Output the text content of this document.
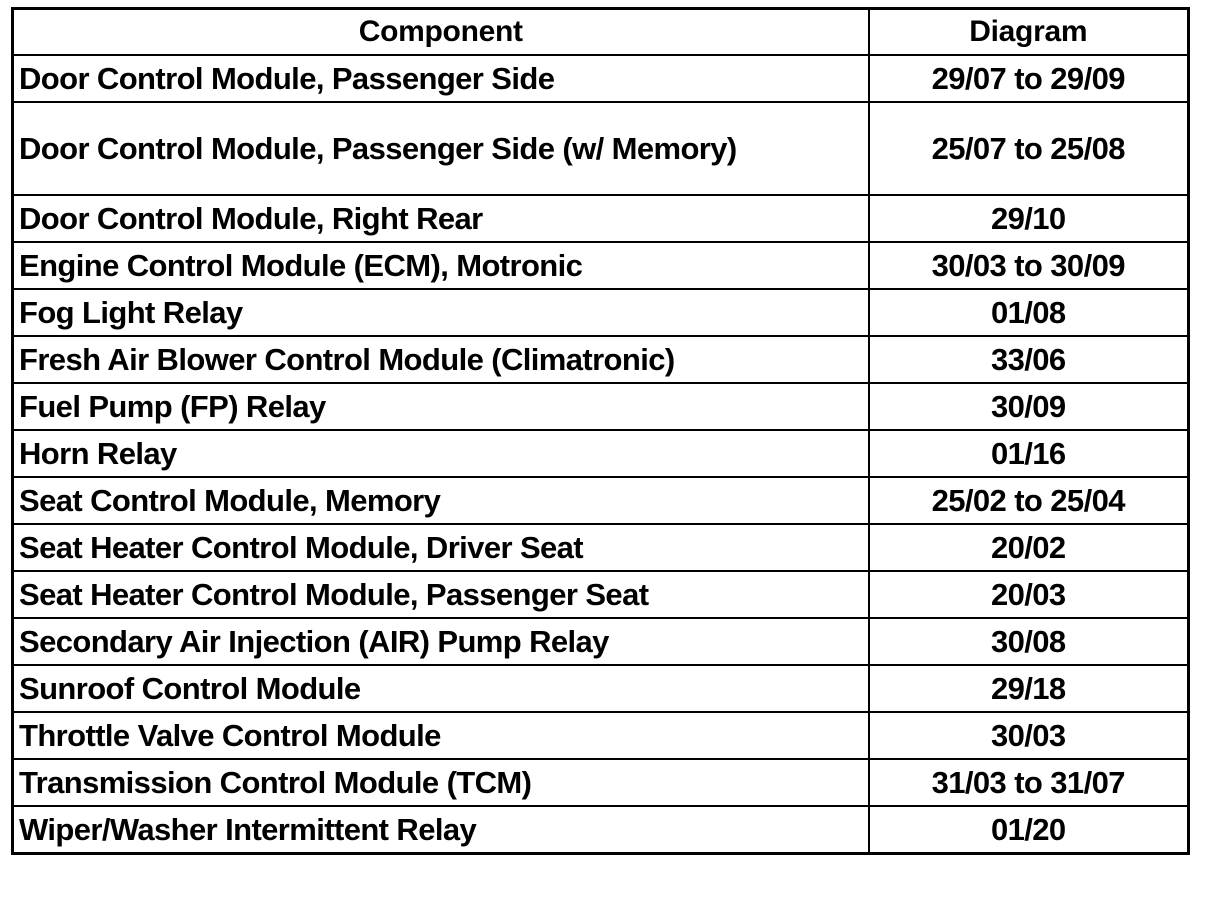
Component	Diagram
Door Control Module, Passenger Side	29/07 to 29/09
Door Control Module, Passenger Side (w/ Memory)	25/07 to 25/08
Door Control Module, Right Rear	29/10
Engine Control Module (ECM), Motronic	30/03 to 30/09
Fog Light Relay	01/08
Fresh Air Blower Control Module (Climatronic)	33/06
Fuel Pump (FP) Relay	30/09
Horn Relay	01/16
Seat Control Module, Memory	25/02 to 25/04
Seat Heater Control Module, Driver Seat	20/02
Seat Heater Control Module, Passenger Seat	20/03
Secondary Air Injection (AIR) Pump Relay	30/08
Sunroof Control Module	29/18
Throttle Valve Control Module	30/03
Transmission Control Module (TCM)	31/03 to 31/07
Wiper/Washer Intermittent Relay	01/20
